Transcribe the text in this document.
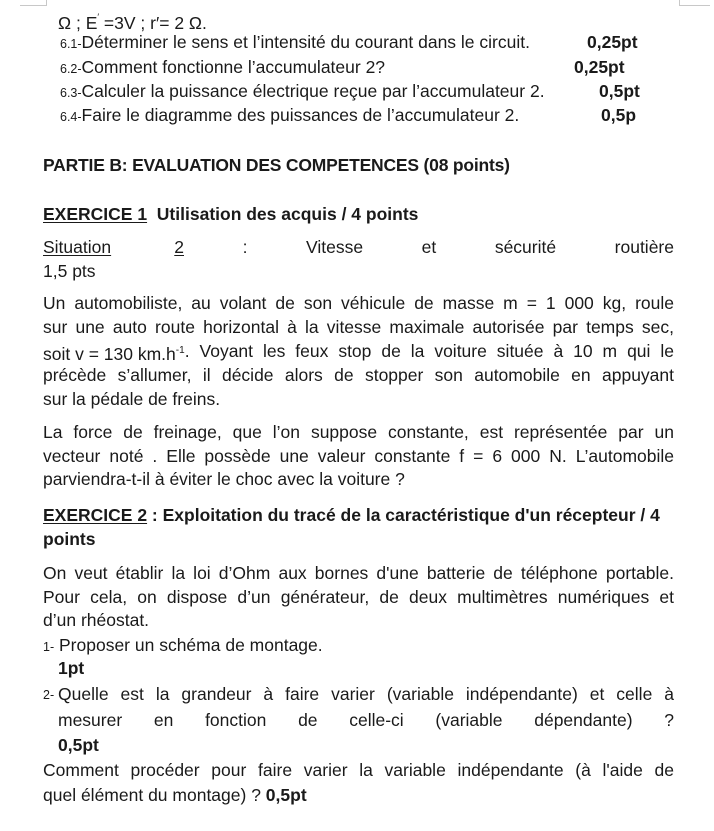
Ω ; E′ =3V ; r′= 2 Ω.
6.1-Déterminer le sens et l’intensité du courant dans le circuit.	0,25pt
6.2-Comment fonctionne l’accumulateur 2?	0,25pt
6.3-Calculer la puissance électrique reçue par l’accumulateur 2.	0,5pt
6.4-Faire le diagramme des puissances de l’accumulateur 2.	0,5p
PARTIE B: EVALUATION DES COMPETENCES (08 points)
EXERCICE 1 Utilisation des acquis / 4 points
Situation	2	:	Vitesse	et	sécurité	routière
1,5 pts
Un automobiliste, au volant de son véhicule de masse m = 1 000 kg, roule
sur une auto route horizontal à la vitesse maximale autorisée par temps sec,
soit v = 130 $km.h^{-1}$ . Voyant les feux stop de la voiture située à 10 m qui le
précède s’allumer, il décide alors de stopper son automobile en appuyant
sur la pédale de freins.
La force de freinage, que l’on suppose constante, est représentée par un
vecteur noté . Elle possède une valeur constante f = 6 000 N. L’automobile
parviendra-t-il à éviter le choc avec la voiture ?
EXERCICE 2 : Exploitation du tracé de la caractéristique d'un récepteur / 4
points
On veut établir la loi d’Ohm aux bornes d'une batterie de téléphone portable.
Pour cela, on dispose d’un générateur, de deux multimètres numériques et
d’un rhéostat.
1- Proposer un schéma de montage.
1pt
2- Quelle est la grandeur à faire varier (variable indépendante) et celle à
mesurer en fonction de celle-ci (variable dépendante) ?
0,5pt
Comment procéder pour faire varier la variable indépendante (à l'aide de
quel élément du montage) ? 0,5pt
